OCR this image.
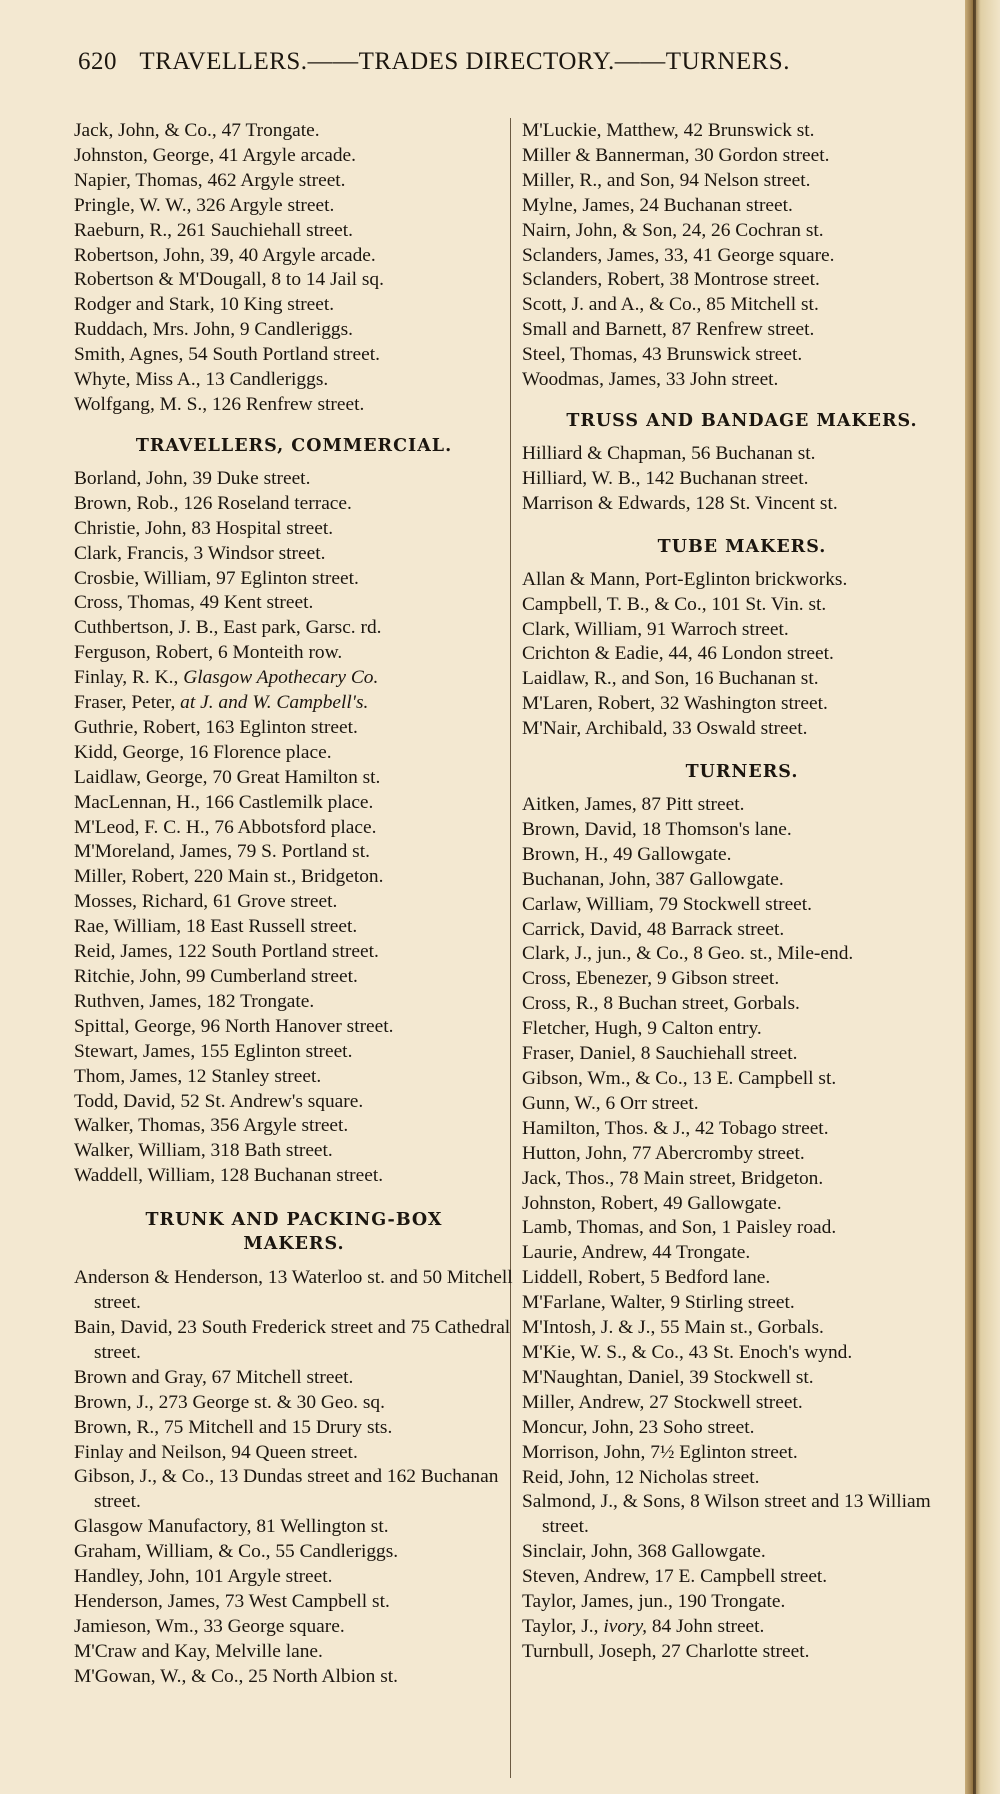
620 TRAVELLERS.——TRADES DIRECTORY.——TURNERS.
Jack, John, & Co., 47 Trongate.
Johnston, George, 41 Argyle arcade.
Napier, Thomas, 462 Argyle street.
Pringle, W. W., 326 Argyle street.
Raeburn, R., 261 Sauchiehall street.
Robertson, John, 39, 40 Argyle arcade.
Robertson & M'Dougall, 8 to 14 Jail sq.
Rodger and Stark, 10 King street.
Ruddach, Mrs. John, 9 Candleriggs.
Smith, Agnes, 54 South Portland street.
Whyte, Miss A., 13 Candleriggs.
Wolfgang, M. S., 126 Renfrew street.
TRAVELLERS, COMMERCIAL.
Borland, John, 39 Duke street.
Brown, Rob., 126 Roseland terrace.
Christie, John, 83 Hospital street.
Clark, Francis, 3 Windsor street.
Crosbie, William, 97 Eglinton street.
Cross, Thomas, 49 Kent street.
Cuthbertson, J. B., East park, Garsc. rd.
Ferguson, Robert, 6 Monteith row.
Finlay, R. K., Glasgow Apothecary Co.
Fraser, Peter, at J. and W. Campbell's.
Guthrie, Robert, 163 Eglinton street.
Kidd, George, 16 Florence place.
Laidlaw, George, 70 Great Hamilton st.
MacLennan, H., 166 Castlemilk place.
M'Leod, F. C. H., 76 Abbotsford place.
M'Moreland, James, 79 S. Portland st.
Miller, Robert, 220 Main st., Bridgeton.
Mosses, Richard, 61 Grove street.
Rae, William, 18 East Russell street.
Reid, James, 122 South Portland street.
Ritchie, John, 99 Cumberland street.
Ruthven, James, 182 Trongate.
Spittal, George, 96 North Hanover street.
Stewart, James, 155 Eglinton street.
Thom, James, 12 Stanley street.
Todd, David, 52 St. Andrew's square.
Walker, Thomas, 356 Argyle street.
Walker, William, 318 Bath street.
Waddell, William, 128 Buchanan street.
TRUNK AND PACKING-BOX
MAKERS.
Anderson & Henderson, 13 Waterloo st. and 50 Mitchell street.
Bain, David, 23 South Frederick street and 75 Cathedral street.
Brown and Gray, 67 Mitchell street.
Brown, J., 273 George st. & 30 Geo. sq.
Brown, R., 75 Mitchell and 15 Drury sts.
Finlay and Neilson, 94 Queen street.
Gibson, J., & Co., 13 Dundas street and 162 Buchanan street.
Glasgow Manufactory, 81 Wellington st.
Graham, William, & Co., 55 Candleriggs.
Handley, John, 101 Argyle street.
Henderson, James, 73 West Campbell st.
Jamieson, Wm., 33 George square.
M'Craw and Kay, Melville lane.
M'Gowan, W., & Co., 25 North Albion st.
M'Luckie, Matthew, 42 Brunswick st.
Miller & Bannerman, 30 Gordon street.
Miller, R., and Son, 94 Nelson street.
Mylne, James, 24 Buchanan street.
Nairn, John, & Son, 24, 26 Cochran st.
Sclanders, James, 33, 41 George square.
Sclanders, Robert, 38 Montrose street.
Scott, J. and A., & Co., 85 Mitchell st.
Small and Barnett, 87 Renfrew street.
Steel, Thomas, 43 Brunswick street.
Woodmas, James, 33 John street.
TRUSS AND BANDAGE MAKERS.
Hilliard & Chapman, 56 Buchanan st.
Hilliard, W. B., 142 Buchanan street.
Marrison & Edwards, 128 St. Vincent st.
TUBE MAKERS.
Allan & Mann, Port-Eglinton brickworks.
Campbell, T. B., & Co., 101 St. Vin. st.
Clark, William, 91 Warroch street.
Crichton & Eadie, 44, 46 London street.
Laidlaw, R., and Son, 16 Buchanan st.
M'Laren, Robert, 32 Washington street.
M'Nair, Archibald, 33 Oswald street.
TURNERS.
Aitken, James, 87 Pitt street.
Brown, David, 18 Thomson's lane.
Brown, H., 49 Gallowgate.
Buchanan, John, 387 Gallowgate.
Carlaw, William, 79 Stockwell street.
Carrick, David, 48 Barrack street.
Clark, J., jun., & Co., 8 Geo. st., Mile-end.
Cross, Ebenezer, 9 Gibson street.
Cross, R., 8 Buchan street, Gorbals.
Fletcher, Hugh, 9 Calton entry.
Fraser, Daniel, 8 Sauchiehall street.
Gibson, Wm., & Co., 13 E. Campbell st.
Gunn, W., 6 Orr street.
Hamilton, Thos. & J., 42 Tobago street.
Hutton, John, 77 Abercromby street.
Jack, Thos., 78 Main street, Bridgeton.
Johnston, Robert, 49 Gallowgate.
Lamb, Thomas, and Son, 1 Paisley road.
Laurie, Andrew, 44 Trongate.
Liddell, Robert, 5 Bedford lane.
M'Farlane, Walter, 9 Stirling street.
M'Intosh, J. & J., 55 Main st., Gorbals.
M'Kie, W. S., & Co., 43 St. Enoch's wynd.
M'Naughtan, Daniel, 39 Stockwell st.
Miller, Andrew, 27 Stockwell street.
Moncur, John, 23 Soho street.
Morrison, John, 7½ Eglinton street.
Reid, John, 12 Nicholas street.
Salmond, J., & Sons, 8 Wilson street and 13 William street.
Sinclair, John, 368 Gallowgate.
Steven, Andrew, 17 E. Campbell street.
Taylor, James, jun., 190 Trongate.
Taylor, J., ivory, 84 John street.
Turnbull, Joseph, 27 Charlotte street.
